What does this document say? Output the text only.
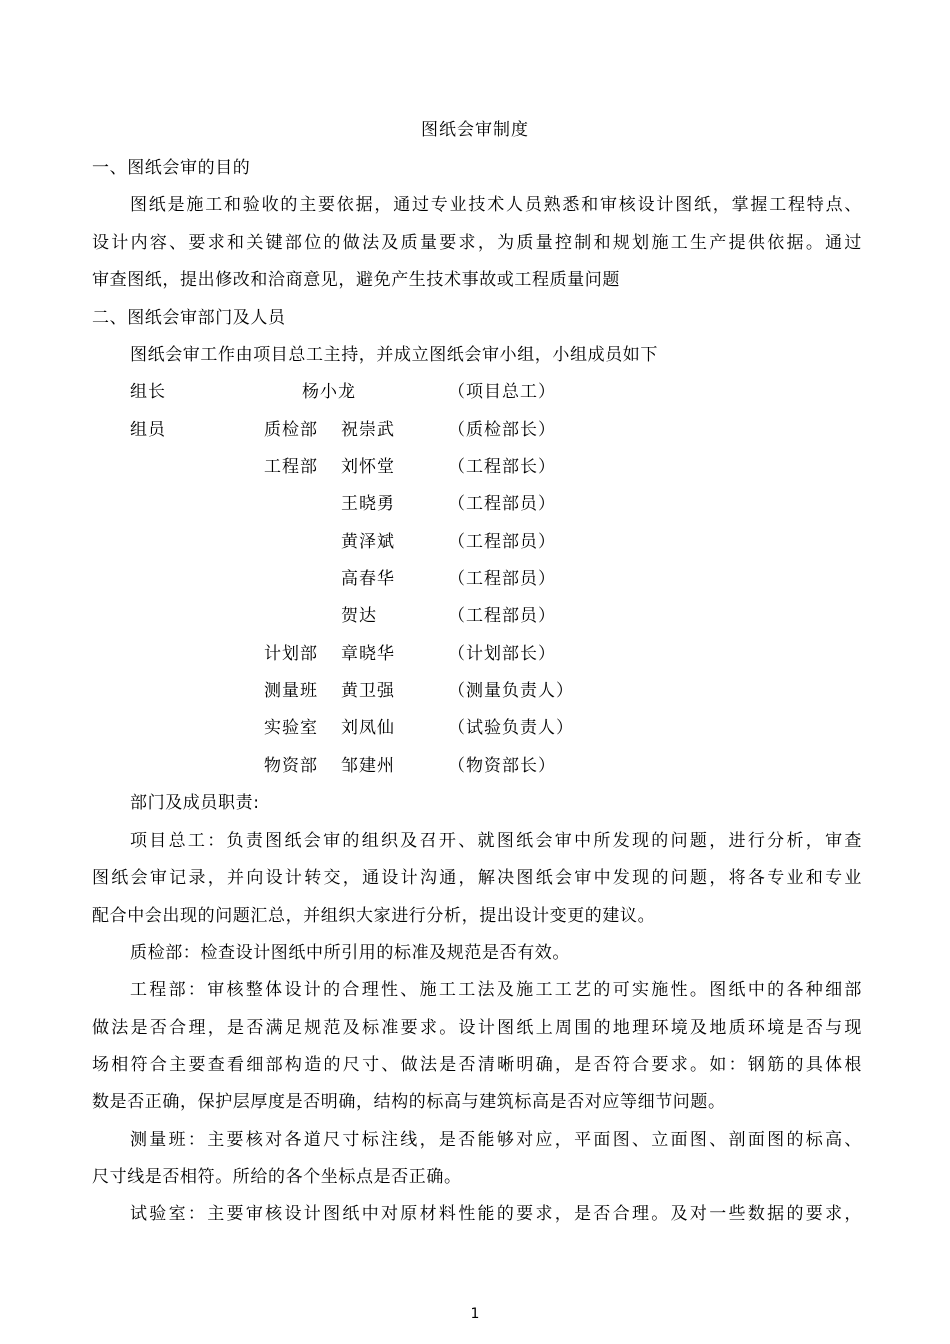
图纸会审制度
一、图纸会审的目的
图纸是施工和验收的主要依据，通过专业技术人员熟悉和审核设计图纸，掌握工程特点、
设计内容、要求和关键部位的做法及质量要求，为质量控制和规划施工生产提供依据。通过
审查图纸，提出修改和洽商意见，避免产生技术事故或工程质量问题
二、图纸会审部门及人员
图纸会审工作由项目总工主持，并成立图纸会审小组，小组成员如下
组长	杨小龙	（项目总工）
组员	质检部 祝崇武	（质检部长）
工程部 刘怀堂	（工程部长）
王晓勇	（工程部员）
黄泽斌	（工程部员）
高春华	（工程部员）
贺达	（工程部员）
计划部 章晓华	（计划部长）
测量班 黄卫强	（测量负责人）
实验室 刘凤仙	（试验负责人）
物资部 邹建州	（物资部长）
部门及成员职责:
项目总工：负责图纸会审的组织及召开、就图纸会审中所发现的问题，进行分析，审查
图纸会审记录，并向设计转交，通设计沟通，解决图纸会审中发现的问题，将各专业和专业
配合中会出现的问题汇总，并组织大家进行分析，提出设计变更的建议。
质检部：检查设计图纸中所引用的标准及规范是否有效。
工程部：审核整体设计的合理性、施工工法及施工工艺的可实施性。图纸中的各种细部
做法是否合理，是否满足规范及标准要求。设计图纸上周围的地理环境及地质环境是否与现
场相符合主要查看细部构造的尺寸、做法是否清晰明确，是否符合要求。如：钢筋的具体根
数是否正确，保护层厚度是否明确，结构的标高与建筑标高是否对应等细节问题。
测量班：主要核对各道尺寸标注线，是否能够对应，平面图、立面图、剖面图的标高、
尺寸线是否相符。所给的各个坐标点是否正确。
试验室：主要审核设计图纸中对原材料性能的要求，是否合理。及对一些数据的要求，
1
